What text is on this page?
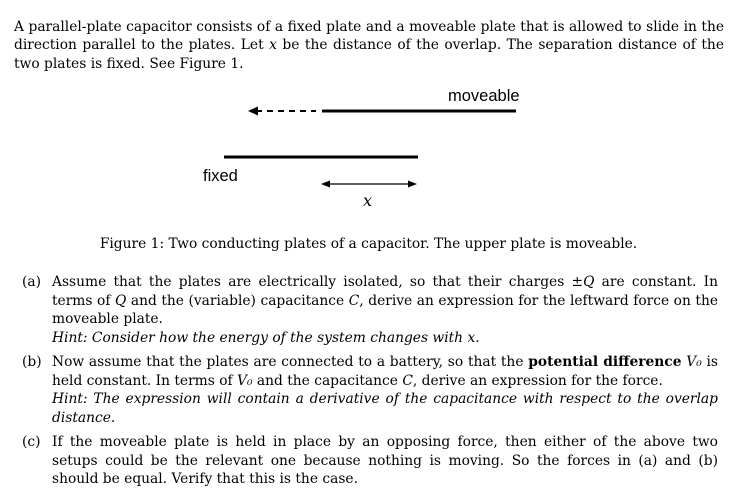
A parallel-plate capacitor consists of a fixed plate and a moveable plate that is allowed to slide in the direction parallel to the plates. Let x be the distance of the overlap. The separation distance of the two plates is fixed. See Figure 1.

moveable
fixed
x
Figure 1: Two conducting plates of a capacitor. The upper plate is moveable.
(a) Assume that the plates are electrically isolated, so that their charges ±Q are constant. In terms of Q and the (variable) capacitance C, derive an expression for the leftward force on the moveable plate.
Hint: Consider how the energy of the system changes with x.
(b) Now assume that the plates are connected to a battery, so that the potential difference V₀ is held constant. In terms of V₀ and the capacitance C, derive an expression for the force.
Hint: The expression will contain a derivative of the capacitance with respect to the overlap distance.
(c) If the moveable plate is held in place by an opposing force, then either of the above two setups could be the relevant one because nothing is moving. So the forces in (a) and (b) should be equal. Verify that this is the case.
